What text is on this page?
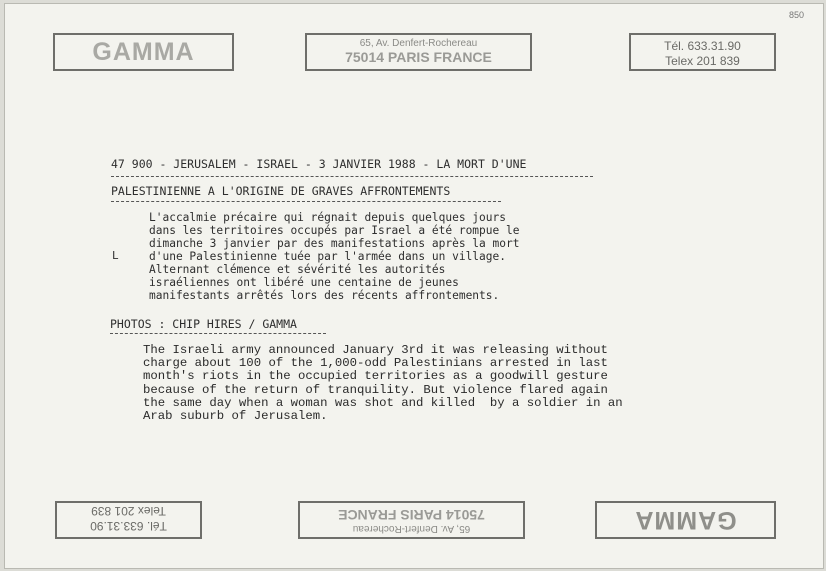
GAMMA	65, Av. Denfert-Rochereau
75014 PARIS FRANCE
Tél. 633.31.90
Telex 201 839
850
47 900 - JERUSALEM - ISRAEL - 3 JANVIER 1988 - LA MORT D'UNE
PALESTINIENNE A L'ORIGINE DE GRAVES AFFRONTEMENTS
L
L'accalmie précaire qui régnait depuis quelques jours
dans les territoires occupés par Israel a été rompue le
dimanche 3 janvier par des manifestations après la mort
d'une Palestinienne tuée par l'armée dans un village.
Alternant clémence et sévérité les autorités
israéliennes ont libéré une centaine de jeunes
manifestants arrêtés lors des récents affrontements.
PHOTOS : CHIP HIRES / GAMMA
The Israeli army announced January 3rd it was releasing without
charge about 100 of the 1,000-odd Palestinians arrested in last
month's riots in the occupied territories as a goodwill gesture
because of the return of tranquility. But violence flared again
the same day when a woman was shot and killed  by a soldier in an
Arab suburb of Jerusalem.
Tél. 633.31.90
Telex 201 839
65, Av. Denfert-Rochereau
75014 PARIS FRANCE	GAMMA
